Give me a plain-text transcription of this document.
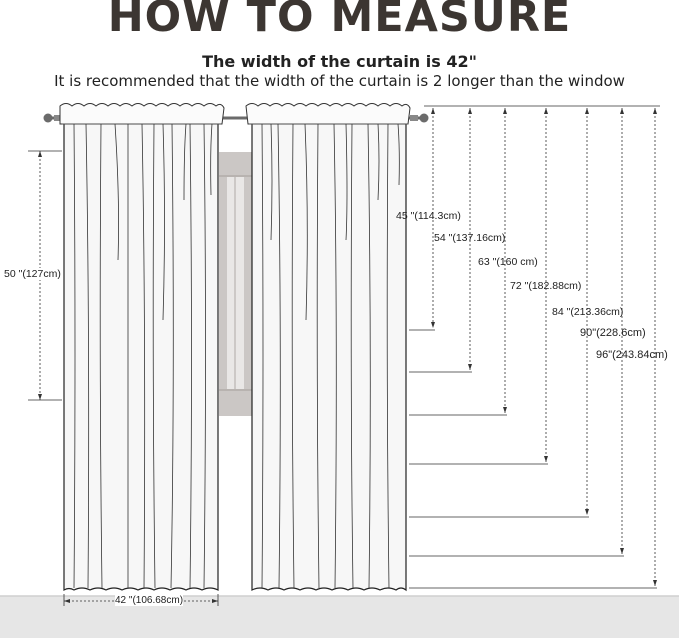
HOW TO MEASURE
The width of the curtain is 42"
It is recommended that the width of the curtain is 2 longer than the window
50 "(127cm)
42 "(106.68cm)
45 "(114.3cm)
54 "(137.16cm)
63 "(160 cm)
72 "(182.88cm)
84 "(213.36cm)
90"(228.6cm)
96"(243.84cm)
